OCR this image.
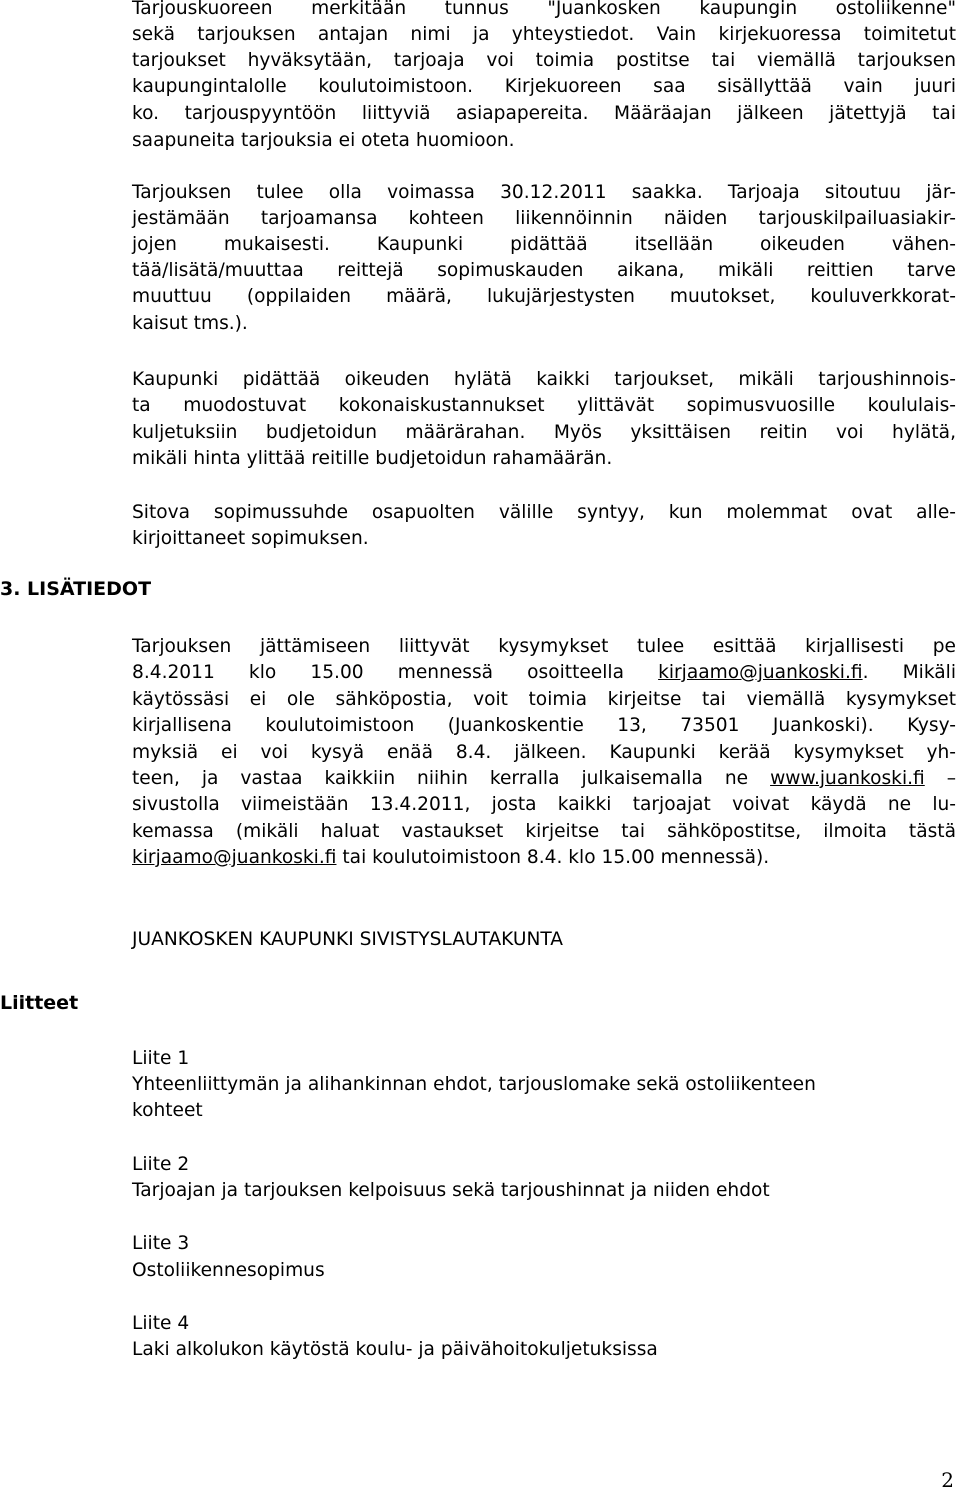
Tarjouskuoreen merkitään tunnus "Juankosken kaupungin ostoliikenne"
sekä tarjouksen antajan nimi ja yhteystiedot. Vain kirjekuoressa toimitetut
tarjoukset hyväksytään, tarjoaja voi toimia postitse tai viemällä tarjouksen
kaupungintalolle koulutoimistoon. Kirjekuoreen saa sisällyttää vain juuri
ko. tarjouspyyntöön liittyviä asiapapereita. Määräajan jälkeen jätettyjä tai
saapuneita tarjouksia ei oteta huomioon.
Tarjouksen tulee olla voimassa 30.12.2011 saakka. Tarjoaja sitoutuu jär-
jestämään tarjoamansa kohteen liikennöinnin näiden tarjouskilpailuasiakir-
jojen mukaisesti. Kaupunki pidättää itsellään oikeuden vähen-
tää/lisätä/muuttaa reittejä sopimuskauden aikana, mikäli reittien tarve
muuttuu (oppilaiden määrä, lukujärjestysten muutokset, kouluverkkorat-
kaisut tms.).
Kaupunki pidättää oikeuden hylätä kaikki tarjoukset, mikäli tarjoushinnois-
ta muodostuvat kokonaiskustannukset ylittävät sopimusvuosille koululais-
kuljetuksiin budjetoidun määrärahan. Myös yksittäisen reitin voi hylätä,
mikäli hinta ylittää reitille budjetoidun rahamäärän.
Sitova sopimussuhde osapuolten välille syntyy, kun molemmat ovat alle-
kirjoittaneet sopimuksen.
3. LISÄTIEDOT
Tarjouksen jättämiseen liittyvät kysymykset tulee esittää kirjallisesti pe
8.4.2011 klo 15.00 mennessä osoitteella kirjaamo@juankoski.fi. Mikäli
käytössäsi ei ole sähköpostia, voit toimia kirjeitse tai viemällä kysymykset
kirjallisena koulutoimistoon (Juankoskentie 13, 73501 Juankoski). Kysy-
myksiä ei voi kysyä enää 8.4. jälkeen. Kaupunki kerää kysymykset yh-
teen, ja vastaa kaikkiin niihin kerralla julkaisemalla ne www.juankoski.fi –
sivustolla viimeistään 13.4.2011, josta kaikki tarjoajat voivat käydä ne lu-
kemassa (mikäli haluat vastaukset kirjeitse tai sähköpostitse, ilmoita tästä
kirjaamo@juankoski.fi tai koulutoimistoon 8.4. klo 15.00 mennessä).
JUANKOSKEN KAUPUNKI SIVISTYSLAUTAKUNTA
Liitteet
Liite 1
Yhteenliittymän ja alihankinnan ehdot, tarjouslomake sekä ostoliikenteen
kohteet
Liite 2
Tarjoajan ja tarjouksen kelpoisuus sekä tarjoushinnat ja niiden ehdot
Liite 3
Ostoliikennesopimus
Liite 4
Laki alkolukon käytöstä koulu- ja päivähoitokuljetuksissa
2
